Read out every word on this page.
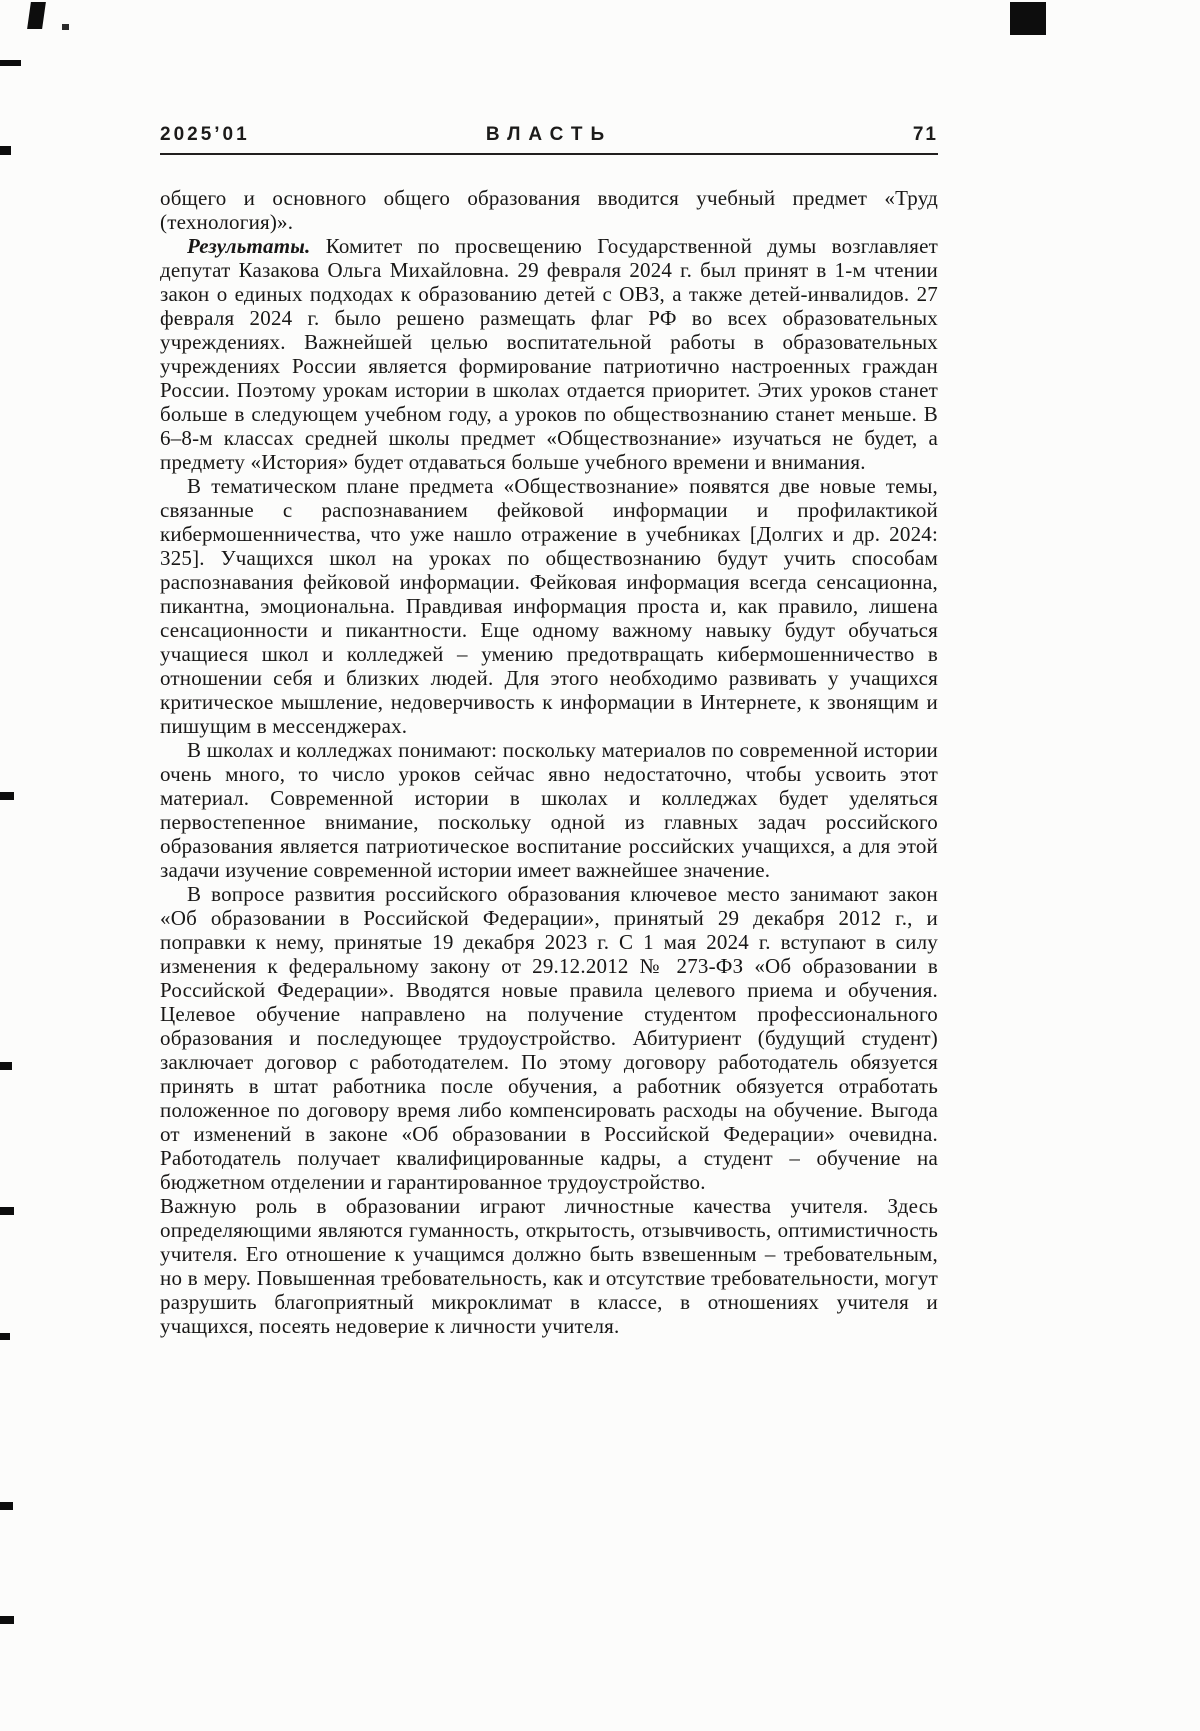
2025’01	ВЛАСТЬ	71

общего и основного общего образования вводится учебный предмет «Труд (технология)».

Результаты. Комитет по просвещению Государственной думы возглавляет депутат Казакова Ольга Михайловна. 29 февраля 2024 г. был принят в 1-м чтении закон о единых подходах к образованию детей с ОВЗ, а также детей-инвалидов. 27 февраля 2024 г. было решено размещать флаг РФ во всех образовательных учреждениях. Важнейшей целью воспитательной работы в образовательных учреждениях России является формирование патриотично настроенных граждан России. Поэтому урокам истории в школах отдается приоритет. Этих уроков станет больше в следующем учебном году, а уроков по обществознанию станет меньше. В 6–8-м классах средней школы предмет «Обществознание» изучаться не будет, а предмету «История» будет отдаваться больше учебного времени и внимания.

В тематическом плане предмета «Обществознание» появятся две новые темы, связанные с распознаванием фейковой информации и профилактикой кибермошенничества, что уже нашло отражение в учебниках [Долгих и др. 2024: 325]. Учащихся школ на уроках по обществознанию будут учить способам распознавания фейковой информации. Фейковая информация всегда сенсационна, пикантна, эмоциональна. Правдивая информация проста и, как правило, лишена сенсационности и пикантности. Еще одному важному навыку будут обучаться учащиеся школ и колледжей – умению предотвращать кибермошенничество в отношении себя и близких людей. Для этого необходимо развивать у учащихся критическое мышление, недоверчивость к информации в Интернете, к звонящим и пишущим в мессенджерах.

В школах и колледжах понимают: поскольку материалов по современной истории очень много, то число уроков сейчас явно недостаточно, чтобы усвоить этот материал. Современной истории в школах и колледжах будет уделяться первостепенное внимание, поскольку одной из главных задач российского образования является патриотическое воспитание российских учащихся, а для этой задачи изучение современной истории имеет важнейшее значение.

В вопросе развития российского образования ключевое место занимают закон «Об образовании в Российской Федерации», принятый 29 декабря 2012 г., и поправки к нему, принятые 19 декабря 2023 г. С 1 мая 2024 г. вступают в силу изменения к федеральному закону от 29.12.2012 № 273-ФЗ «Об образовании в Российской Федерации». Вводятся новые правила целевого приема и обучения. Целевое обучение направлено на получение студентом профессионального образования и последующее трудоустройство. Абитуриент (будущий студент) заключает договор с работодателем. По этому договору работодатель обязуется принять в штат работника после обучения, а работник обязуется отработать положенное по договору время либо компенсировать расходы на обучение. Выгода от изменений в законе «Об образовании в Российской Федерации» очевидна. Работодатель получает квалифицированные кадры, а студент – обучение на бюджетном отделении и гарантированное трудоустройство.

Важную роль в образовании играют личностные качества учителя. Здесь определяющими являются гуманность, открытость, отзывчивость, оптимистичность учителя. Его отношение к учащимся должно быть взвешенным – требовательным, но в меру. Повышенная требовательность, как и отсутствие требовательности, могут разрушить благоприятный микроклимат в классе, в отношениях учителя и учащихся, посеять недоверие к личности учителя.
